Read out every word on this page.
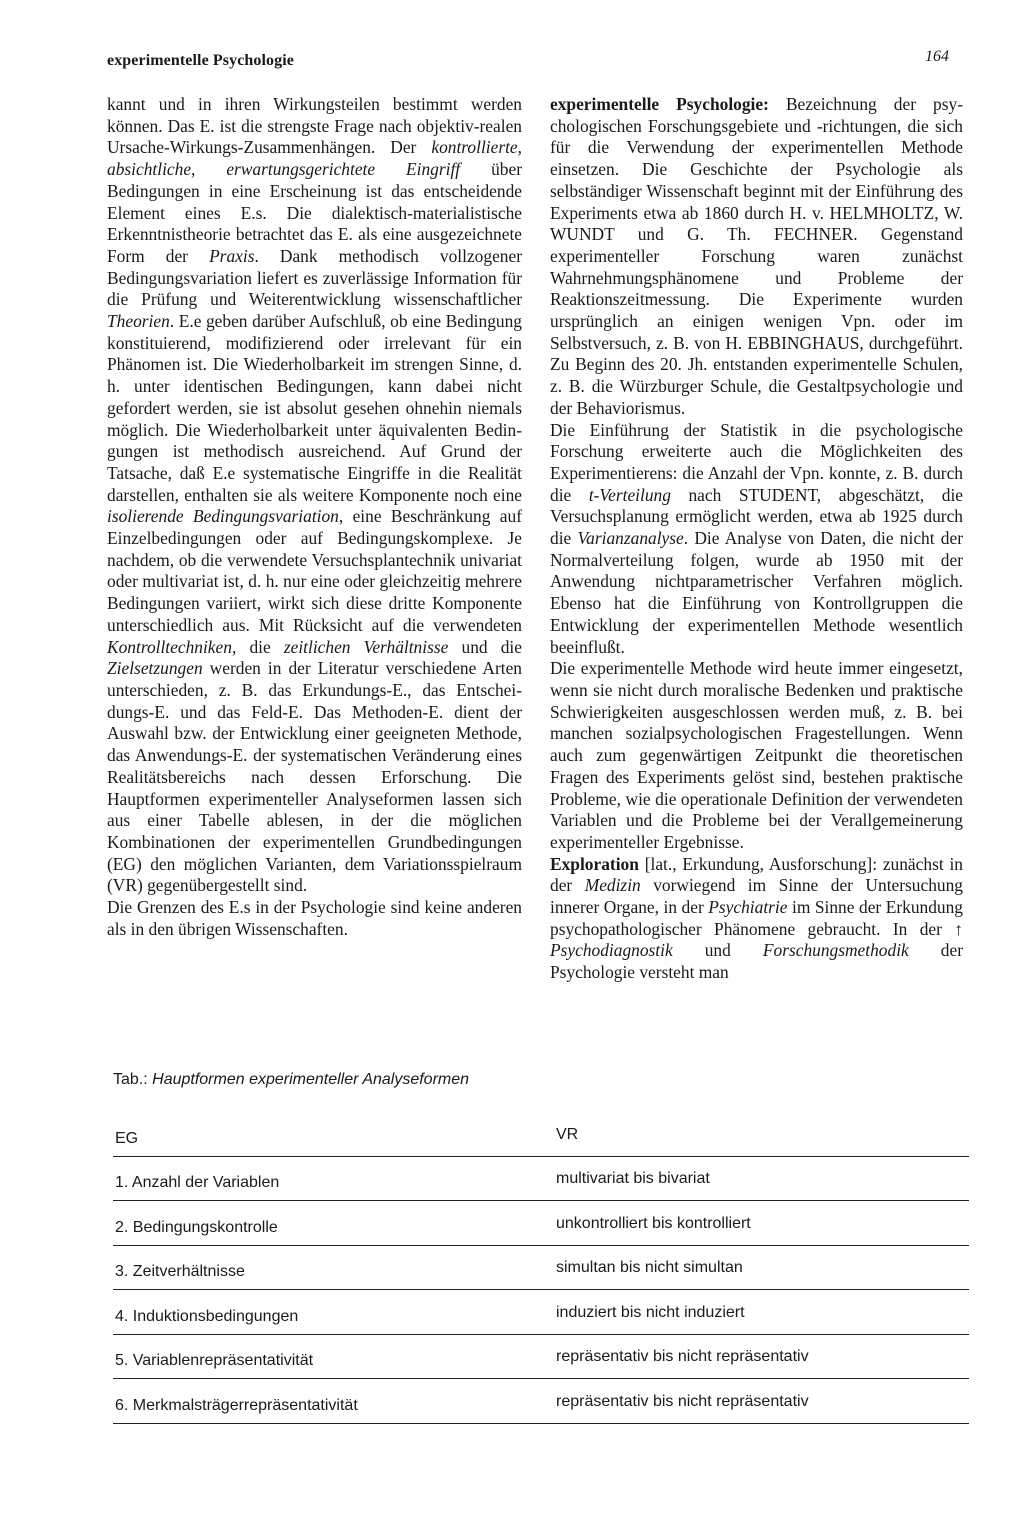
experimentelle Psychologie	164

kannt und in ihren Wirkungsteilen bestimmt werden können. Das E. ist die strengste Frage nach objektiv-realen Ursache-Wirkungs-Zusammenhängen. Der kontrollierte, absichtliche, erwartungsgerichtete Eingriff über Bedingungen in eine Erscheinung ist das entscheidende Element eines E.s. Die dialektisch-materialistische Erkenntnistheorie betrachtet das E. als eine ausgezeichnete Form der Praxis. Dank methodisch vollzogener Bedingungsvariation liefert es zuverlässige Information für die Prüfung und Weiterentwicklung wissenschaftlicher Theorien. E.e geben darüber Aufschluß, ob eine Bedingung konstituierend, modifizierend oder irrelevant für ein Phänomen ist. Die Wiederholbarkeit im strengen Sinne, d. h. unter identischen Bedingungen, kann dabei nicht gefordert werden, sie ist absolut gesehen ohnehin niemals möglich. Die Wiederholbarkeit unter äquivalenten Bedingungen ist methodisch ausreichend. Auf Grund der Tatsache, daß E.e systematische Eingriffe in die Realität darstellen, enthalten sie als weitere Komponente noch eine isolierende Bedingungsvariation, eine Beschränkung auf Einzelbedingungen oder auf Bedingungskomplexe. Je nachdem, ob die verwendete Versuchsplantechnik univariat oder multivariat ist, d. h. nur eine oder gleichzeitig mehrere Bedingungen variiert, wirkt sich diese dritte Komponente unterschiedlich aus. Mit Rücksicht auf die verwendeten Kontrolltechniken, die zeitlichen Verhältnisse und die Zielsetzungen werden in der Literatur verschiedene Arten unterschieden, z. B. das Erkundungs-E., das Entscheidungs-E. und das Feld-E. Das Methoden-E. dient der Auswahl bzw. der Entwicklung einer geeigneten Methode, das Anwendungs-E. der systematischen Veränderung eines Realitätsbereichs nach dessen Erforschung. Die Hauptformen experimenteller Analyseformen lassen sich aus einer Tabelle ablesen, in der die möglichen Kombinationen der experimentellen Grundbedingungen (EG) den möglichen Varianten, dem Variationsspielraum (VR) gegenübergestellt sind.

Die Grenzen des E.s in der Psychologie sind keine anderen als in den übrigen Wissenschaften.

experimentelle Psychologie: Bezeichnung der psychologischen Forschungsgebiete und -richtungen, die sich für die Verwendung der experimentellen Methode einsetzen. Die Geschichte der Psychologie als selbständiger Wissenschaft beginnt mit der Einführung des Experiments etwa ab 1860 durch H. v. HELMHOLTZ, W. WUNDT und G. Th. FECHNER. Gegenstand experimenteller Forschung waren zunächst Wahrnehmungsphänomene und Probleme der Reaktionszeitmessung. Die Experimente wurden ursprünglich an einigen wenigen Vpn. oder im Selbstversuch, z. B. von H. EBBINGHAUS, durchgeführt. Zu Beginn des 20. Jh. entstanden experimentelle Schulen, z. B. die Würzburger Schule, die Gestaltpsychologie und der Behaviorismus.

Die Einführung der Statistik in die psychologische Forschung erweiterte auch die Möglichkeiten des Experimentierens: die Anzahl der Vpn. konnte, z. B. durch die t-Verteilung nach STUDENT, abgeschätzt, die Versuchsplanung ermöglicht werden, etwa ab 1925 durch die Varianzanalyse. Die Analyse von Daten, die nicht der Normalverteilung folgen, wurde ab 1950 mit der Anwendung nichtparametrischer Verfahren möglich. Ebenso hat die Einführung von Kontrollgruppen die Entwicklung der experimentellen Methode wesentlich beeinflußt.

Die experimentelle Methode wird heute immer eingesetzt, wenn sie nicht durch moralische Bedenken und praktische Schwierigkeiten ausgeschlossen werden muß, z. B. bei manchen sozialpsychologischen Fragestellungen. Wenn auch zum gegenwärtigen Zeitpunkt die theoretischen Fragen des Experiments gelöst sind, bestehen praktische Probleme, wie die operationale Definition der verwendeten Variablen und die Probleme bei der Verallgemeinerung experimenteller Ergebnisse.

Exploration [lat., Erkundung, Ausforschung]: zunächst in der Medizin vorwiegend im Sinne der Untersuchung innerer Organe, in der Psychiatrie im Sinne der Erkundung psychopathologischer Phänomene gebraucht. In der ↑ Psychodiagnostik und Forschungsmethodik der Psychologie versteht man

Tab.: Hauptformen experimenteller Analyseformen
EG	VR
1. Anzahl der Variablen	multivariat bis bivariat
2. Bedingungskontrolle	unkontrolliert bis kontrolliert
3. Zeitverhältnisse	simultan bis nicht simultan
4. Induktionsbedingungen	induziert bis nicht induziert
5. Variablenrepräsentativität	repräsentativ bis nicht repräsentativ
6. Merkmalsträgerrepräsentativität	repräsentativ bis nicht repräsentativ
